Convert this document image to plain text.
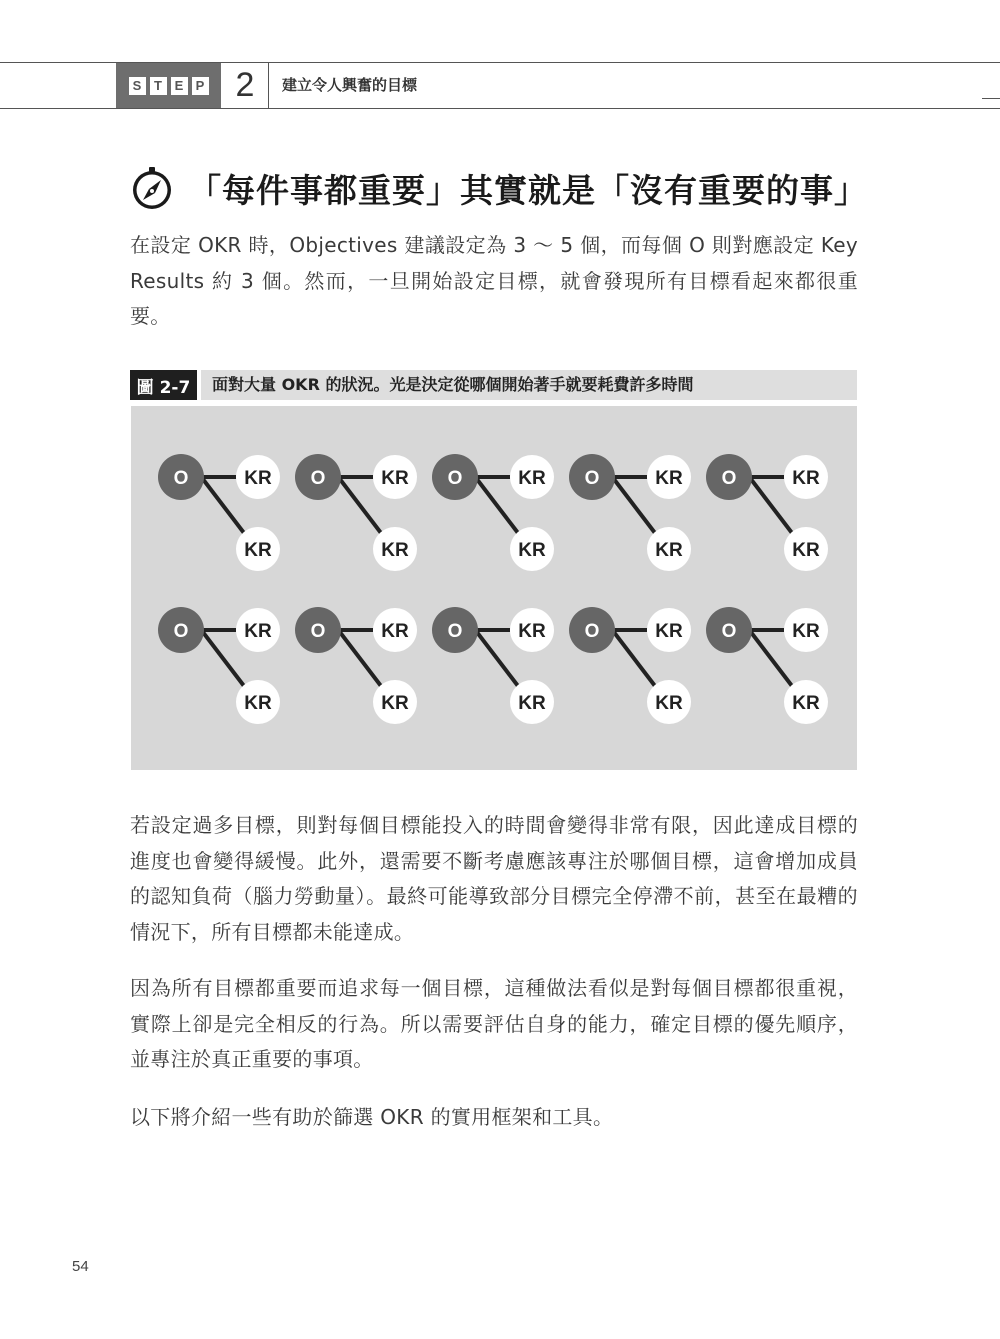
S T E P 2	建立令人興奮的目標
「每件事都重要」其實就是「沒有重要的事」

在設定 OKR 時，Objectives 建議設定為 3 ～ 5 個，而每個 O 則對應設定 Key Results 約 3 個。然而，一旦開始設定目標，就會發現所有目標看起來都很重要。

圖 2-7	面對大量 OKR 的狀況。光是決定從哪個開始著手就要耗費許多時間
O	KR
KR
O	KR
KR
O	KR
KR
O	KR
KR
O	KR
KR
O	KR
KR
O	KR
KR
O	KR
KR
O	KR
KR
O	KR
KR

若設定過多目標，則對每個目標能投入的時間會變得非常有限，因此達成目標的進度也會變得緩慢。此外，還需要不斷考慮應該專注於哪個目標，這會增加成員的認知負荷（腦力勞動量）。最終可能導致部分目標完全停滯不前，甚至在最糟的情況下，所有目標都未能達成。

因為所有目標都重要而追求每一個目標，這種做法看似是對每個目標都很重視，實際上卻是完全相反的行為。所以需要評估自身的能力，確定目標的優先順序，並專注於真正重要的事項。

以下將介紹一些有助於篩選 OKR 的實用框架和工具。

54
